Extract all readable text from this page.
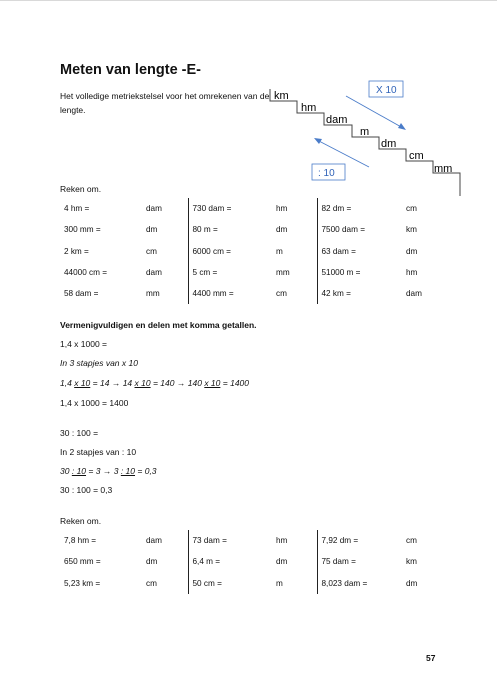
Meten van lengte -E-
Het volledige metriekstelsel voor het omrekenen van de lengte.
km
hm
dam
m
dm
cm
mm
X 10
: 10
Reken om.
4 hm =	dam	730 dam =	hm	82 dm =	cm
300 mm =	dm	80 m =	dm	7500 dam =	km
2 km =	cm	6000 cm =	m	63 dam =	dm
44000 cm =	dam	5 cm =	mm	51000 m =	hm
58 dam =	mm	4400 mm =	cm	42 km =	dam
Vermenigvuldigen en delen met komma getallen.
1,4 x 1000 =
In 3 stapjes van x 10
1,4 x 10 = 14 → 14 x 10 = 140 → 140 x 10 = 1400
1,4 x 1000 = 1400
30 : 100 =
In 2 stapjes van : 10
30 : 10 = 3 → 3 : 10 = 0,3
30 : 100 = 0,3
Reken om.
7,8 hm =	dam	73 dam =	hm	7,92 dm =	cm
650 mm =	dm	6,4 m =	dm	75 dam =	km
5,23 km =	cm	50 cm =	m	8,023 dam =	dm
57
